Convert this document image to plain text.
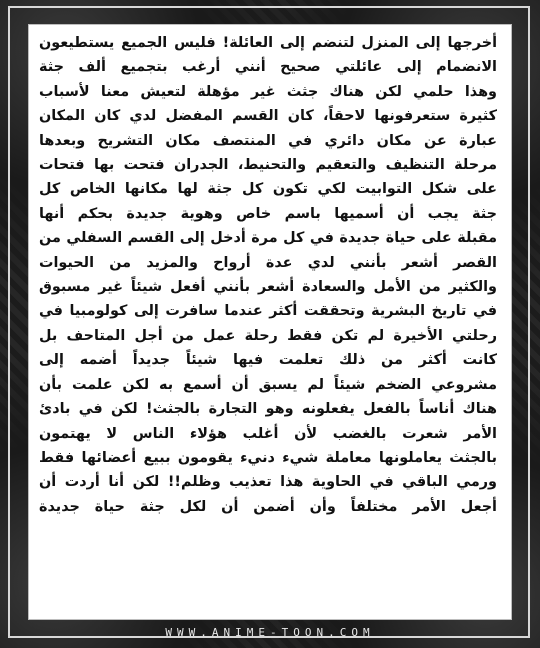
أخرجها إلى المنزل لتنضم إلى العائلة! فليس الجميع يستطيعون
الانضمام إلى عائلتي صحيح أنني أرغب بتجميع ألف جثة
وهذا حلمي لكن هناك جثث غير مؤهلة لتعيش معنا لأسباب
كثيرة ستعرفونها لاحقاً، كان القسم المفضل لدي كان المكان
عبارة عن مكان دائري في المنتصف مكان التشريح وبعدها
مرحلة التنظيف والتعقيم والتحنيط، الجدران فتحت بها فتحات
على شكل التوابيت لكي تكون كل جثة لها مكانها الخاص كل
جثة يجب أن أسميها باسم خاص وهوية جديدة بحكم أنها
مقبلة على حياة جديدة في كل مرة أدخل إلى القسم السفلي من
القصر أشعر بأنني لدي عدة أرواح والمزيد من الحيوات
والكثير من الأمل والسعادة أشعر بأنني أفعل شيئاً غير مسبوق
في تاريخ البشرية وتحققت أكثر عندما سافرت إلى كولومبيا في
رحلتي الأخيرة لم تكن فقط رحلة عمل من أجل المتاحف بل
كانت أكثر من ذلك تعلمت فيها شيئاً جديداً أضمه إلى
مشروعي الضخم شيئاً لم يسبق أن أسمع به لكن علمت بأن
هناك أناساً بالفعل يفعلونه وهو التجارة بالجثث! لكن في بادئ
الأمر شعرت بالغضب لأن أغلب هؤلاء الناس لا يهتمون
بالجثث يعاملونها معاملة شيء دنيء يقومون ببيع أعضائها فقط
ورمي الباقي في الحاوية هذا تعذيب وظلم!! لكن أنا أردت أن
أجعل الأمر مختلفاً وأن أضمن أن لكل جثة حياة جديدة
WWW.ANIME-TOON.COM
